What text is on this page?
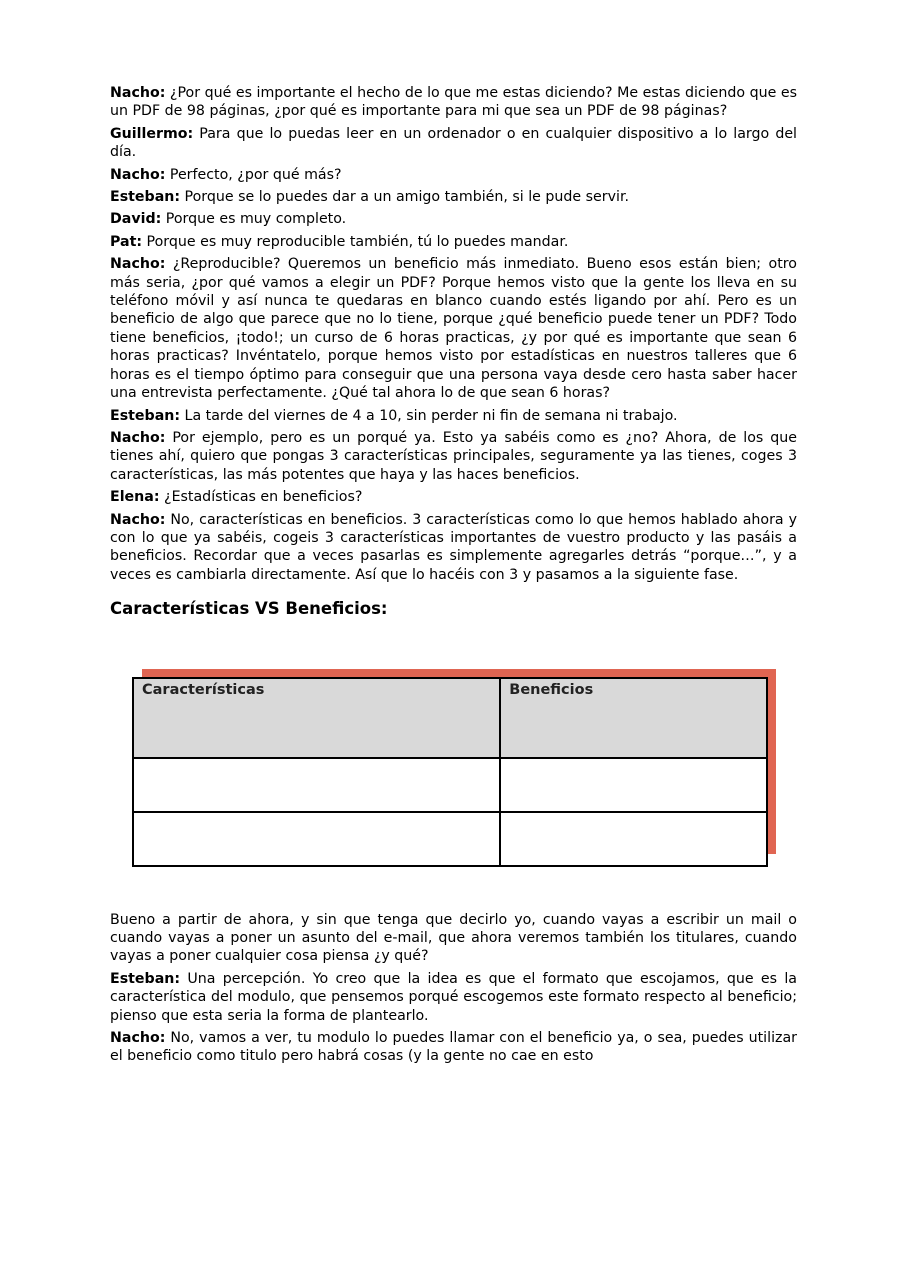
Nacho: ¿Por qué es importante el hecho de lo que me estas diciendo? Me estas diciendo que es un PDF de 98 páginas, ¿por qué es importante para mi que sea un PDF de 98 páginas?

Guillermo: Para que lo puedas leer en un ordenador o en cualquier dispositivo a lo largo del día.

Nacho: Perfecto, ¿por qué más?

Esteban: Porque se lo puedes dar a un amigo también, si le pude servir.

David: Porque es muy completo.

Pat: Porque es muy reproducible también, tú lo puedes mandar.

Nacho: ¿Reproducible? Queremos un beneficio más inmediato. Bueno esos están bien; otro más seria, ¿por qué vamos a elegir un PDF? Porque hemos visto que la gente los lleva en su teléfono móvil y así nunca te quedaras en blanco cuando estés ligando por ahí. Pero es un beneficio de algo que parece que no lo tiene, porque ¿qué beneficio puede tener un PDF? Todo tiene beneficios, ¡todo!; un curso de 6 horas practicas, ¿y por qué es importante que sean 6 horas practicas? Invéntatelo, porque hemos visto por estadísticas en nuestros talleres que 6 horas es el tiempo óptimo para conseguir que una persona vaya desde cero hasta saber hacer una entrevista perfectamente. ¿Qué tal ahora lo de que sean 6 horas?

Esteban: La tarde del viernes de 4 a 10, sin perder ni fin de semana ni trabajo.

Nacho: Por ejemplo, pero es un porqué ya. Esto ya sabéis como es ¿no? Ahora, de los que tienes ahí, quiero que pongas 3 características principales, seguramente ya las tienes, coges 3 características, las más potentes que haya y las haces beneficios.

Elena: ¿Estadísticas en beneficios?

Nacho: No, características en beneficios. 3 características como lo que hemos hablado ahora y con lo que ya sabéis, cogeis 3 características importantes de vuestro producto y las pasáis a beneficios. Recordar que a veces pasarlas es simplemente agregarles detrás “porque…”, y a veces es cambiarla directamente. Así que lo hacéis con 3 y pasamos a la siguiente fase.

Características VS Beneficios:
Características	Beneficios

Bueno a partir de ahora, y sin que tenga que decirlo yo, cuando vayas a escribir un mail o cuando vayas a poner un asunto del e-mail, que ahora veremos también los titulares, cuando vayas a poner cualquier cosa piensa ¿y qué?

Esteban: Una percepción. Yo creo que la idea es que el formato que escojamos, que es la característica del modulo, que pensemos porqué escogemos este formato respecto al beneficio; pienso que esta seria la forma de plantearlo.

Nacho: No, vamos a ver, tu modulo lo puedes llamar con el beneficio ya, o sea, puedes utilizar el beneficio como titulo pero habrá cosas (y la gente no cae en esto
